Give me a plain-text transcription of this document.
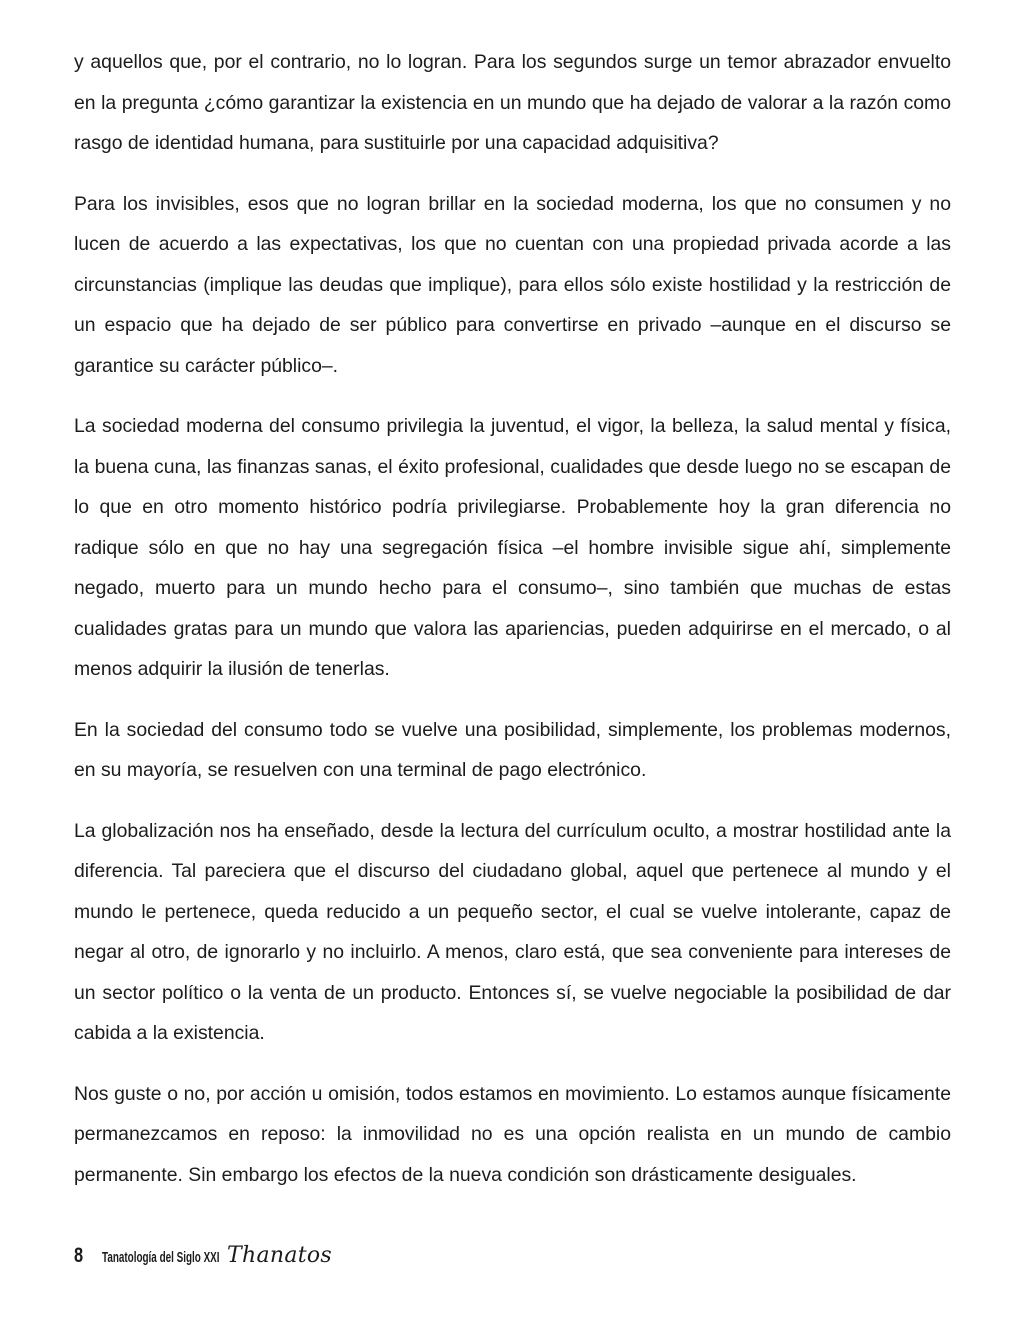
y aquellos que, por el contrario, no lo logran. Para los segundos surge un temor abrazador envuelto en la pregunta ¿cómo garantizar la existencia en un mundo que ha dejado de valorar a la razón como rasgo de identidad humana, para sustituirle por una capacidad adquisitiva?

Para los invisibles, esos que no logran brillar en la sociedad moderna, los que no consumen y no lucen de acuerdo a las expectativas, los que no cuentan con una propiedad privada acorde a las circunstancias (implique las deudas que implique), para ellos sólo existe hostilidad y la restricción de un espacio que ha dejado de ser público para convertirse en privado –aunque en el discurso se garantice su carácter público–.

La sociedad moderna del consumo privilegia la juventud, el vigor, la belleza, la salud mental y física, la buena cuna, las finanzas sanas, el éxito profesional, cualidades que desde luego no se escapan de lo que en otro momento histórico podría privilegiarse. Probablemente hoy la gran diferencia no radique sólo en que no hay una segregación física –el hombre invisible sigue ahí, simplemente negado, muerto para un mundo hecho para el consumo–, sino también que muchas de estas cualidades gratas para un mundo que valora las apariencias, pueden adquirirse en el mercado, o al menos adquirir la ilusión de tenerlas.

En la sociedad del consumo todo se vuelve una posibilidad, simplemente, los problemas modernos, en su mayoría, se resuelven con una terminal de pago electrónico.

La globalización nos ha enseñado, desde la lectura del currículum oculto, a mostrar hostilidad ante la diferencia. Tal pareciera que el discurso del ciudadano global, aquel que pertenece al mundo y el mundo le pertenece, queda reducido a un pequeño sector, el cual se vuelve intolerante, capaz de negar al otro, de ignorarlo y no incluirlo. A menos, claro está, que sea conveniente para intereses de un sector político o la venta de un producto. Entonces sí, se vuelve negociable la posibilidad de dar cabida a la existencia.

Nos guste o no, por acción u omisión, todos estamos en movimiento. Lo estamos aunque físicamente permanezcamos en reposo: la inmovilidad no es una opción realista en un mundo de cambio permanente. Sin embargo los efectos de la nueva condición son drásticamente desiguales.

8	Tanatología del Siglo XXI Thanatos
